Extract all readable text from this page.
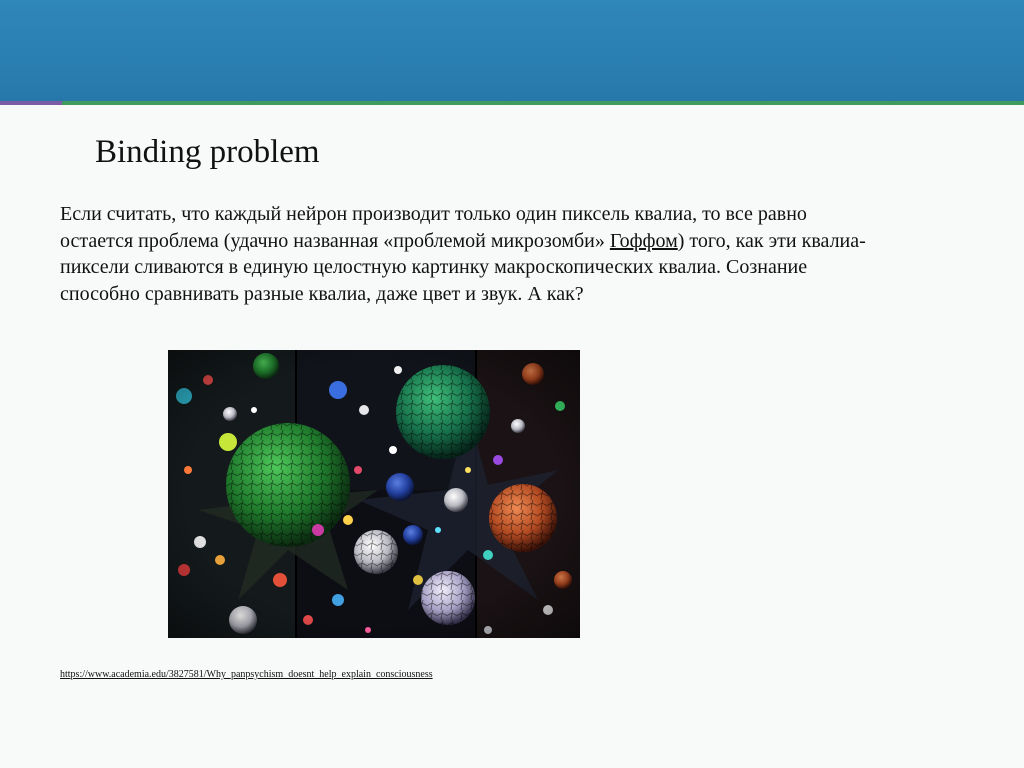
Binding problem
Если считать, что каждый нейрон производит только один пиксель квалиа, то все равно остается проблема (удачно названная «проблемой микрозомби» Гоффом) того, как эти квалиа-пиксели сливаются в единую целостную картинку макроскопических квалиа. Сознание способно сравнивать разные квалиа, даже цвет и звук. А как?
https://www.academia.edu/3827581/Why_panpsychism_doesnt_help_explain_consciousness
